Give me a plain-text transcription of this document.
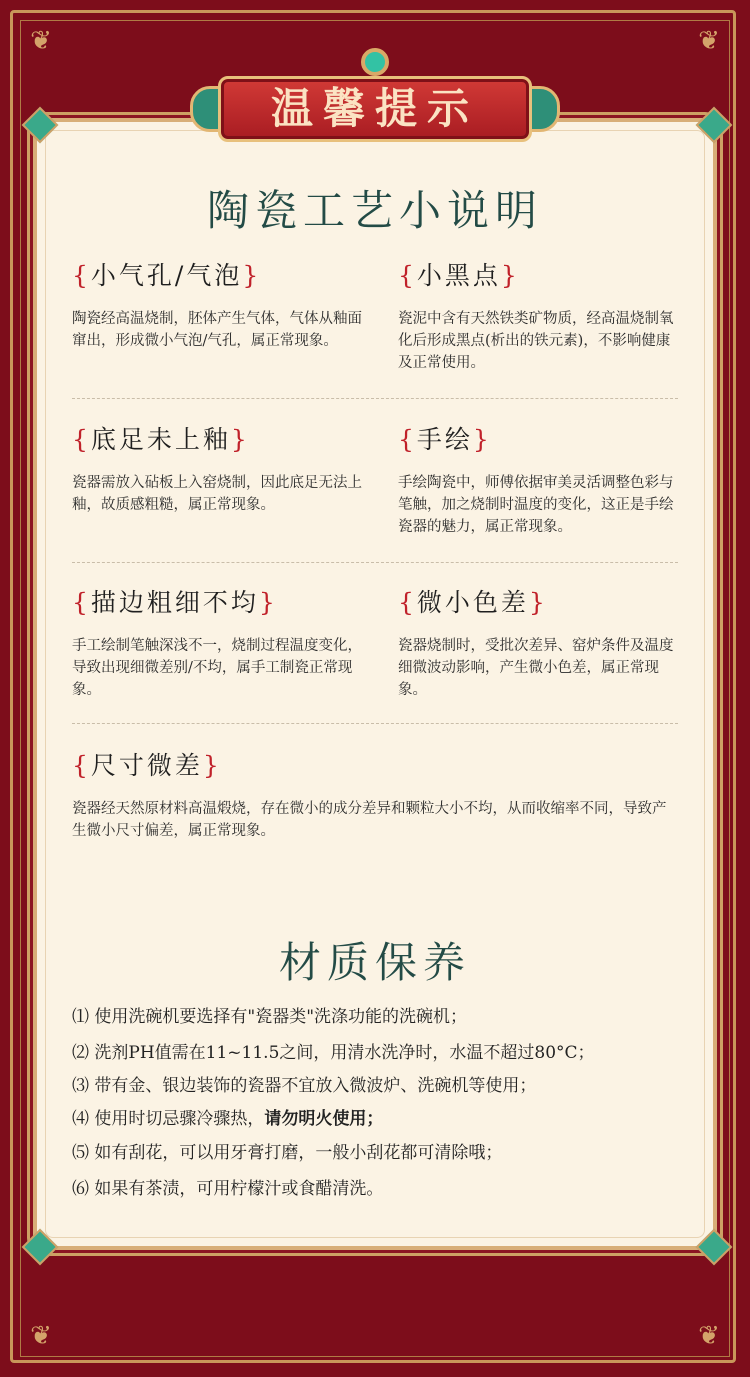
❦	❦
❦	❦
温馨提示
陶瓷工艺小说明
{小气孔/气泡}
陶瓷经高温烧制，胚体产生气体，气体从釉面窜出，形成微小气泡/气孔，属正常现象。
{小黑点}
瓷泥中含有天然铁类矿物质，经高温烧制氧化后形成黑点(析出的铁元素)，不影响健康及正常使用。
{底足未上釉}
瓷器需放入砧板上入窑烧制，因此底足无法上釉，故质感粗糙，属正常现象。
{手绘}
手绘陶瓷中，师傅依据审美灵活调整色彩与笔触，加之烧制时温度的变化，这正是手绘瓷器的魅力，属正常现象。
{描边粗细不均}
手工绘制笔触深浅不一，烧制过程温度变化，导致出现细微差别/不均，属手工制瓷正常现象。
{微小色差}
瓷器烧制时，受批次差异、窑炉条件及温度细微波动影响，产生微小色差，属正常现象。
{尺寸微差}
瓷器经天然原材料高温煅烧，存在微小的成分差异和颗粒大小不均，从而收缩率不同，导致产生微小尺寸偏差，属正常现象。
材质保养
⑴ 使用洗碗机要选择有"瓷器类"洗涤功能的洗碗机；
⑵ 洗剂PH值需在11~11.5之间，用清水洗净时，水温不超过80°C；
⑶ 带有金、银边装饰的瓷器不宜放入微波炉、洗碗机等使用；
⑷ 使用时切忌骤冷骤热，请勿明火使用；
⑸ 如有刮花，可以用牙膏打磨，一般小刮花都可清除哦；
⑹ 如果有茶渍，可用柠檬汁或食醋清洗。
